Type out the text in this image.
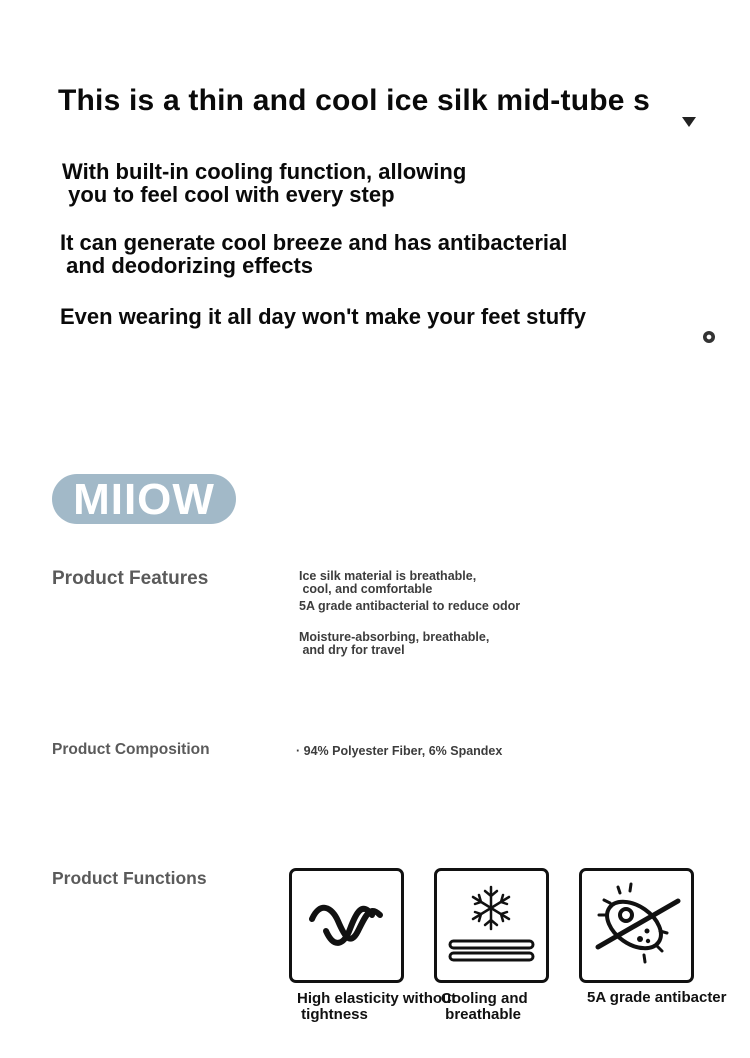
This is a thin and cool ice silk mid-tube s
With built-in cooling function, allowing
you to feel cool with every step
It can generate cool breeze and has antibacterial
and deodorizing effects
Even wearing it all day won't make your feet stuffy
MIIOW
Product Features	Ice silk material is breathable,
cool, and comfortable
5A grade antibacterial to reduce odor
Moisture-absorbing, breathable,
and dry for travel
Product Composition	· 94% Polyester Fiber, 6% Spandex
Product Functions
High elasticity without
tightness
Cooling and
breathable
5A grade antibacter
